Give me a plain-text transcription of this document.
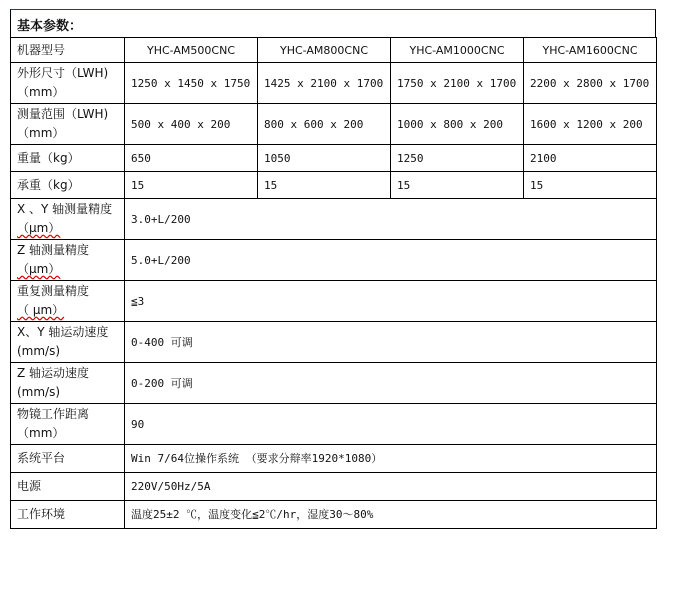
基本参数：
机器型号	YHC-AM500CNC	YHC-AM800CNC	YHC-AM1000CNC	YHC-AM1600CNC

外形尺寸（LWH)
（mm）	1250 x 1450 x 1750	1425 x 2100 x 1700	1750 x 2100 x 1700	2200 x 2800 x 1700

测量范围（LWH)
（mm）	500 x 400 x 200	800 x 600 x 200	1000 x 800 x 200	1600 x 1200 x 200
重量（kg）	650	1050	1250	2100
承重（kg）	15	15	15	15

X 、Y 轴测量精度
（μm）	3.0+L/200			

Z 轴测量精度
（μm）	5.0+L/200			

重复测量精度
（ μm）	≦3			

X、Y 轴运动速度
(mm/s)	0-400 可调			

Z 轴运动速度
(mm/s)	0-200 可调			

物镜工作距离
（mm）	90			
系统平台	Win 7/64位操作系统 （要求分辩率1920*1080）			
电源	220V/50Hz/5A			
工作环境	温度25±2 ℃，温度变化≦2℃/hr，湿度30～80%			
